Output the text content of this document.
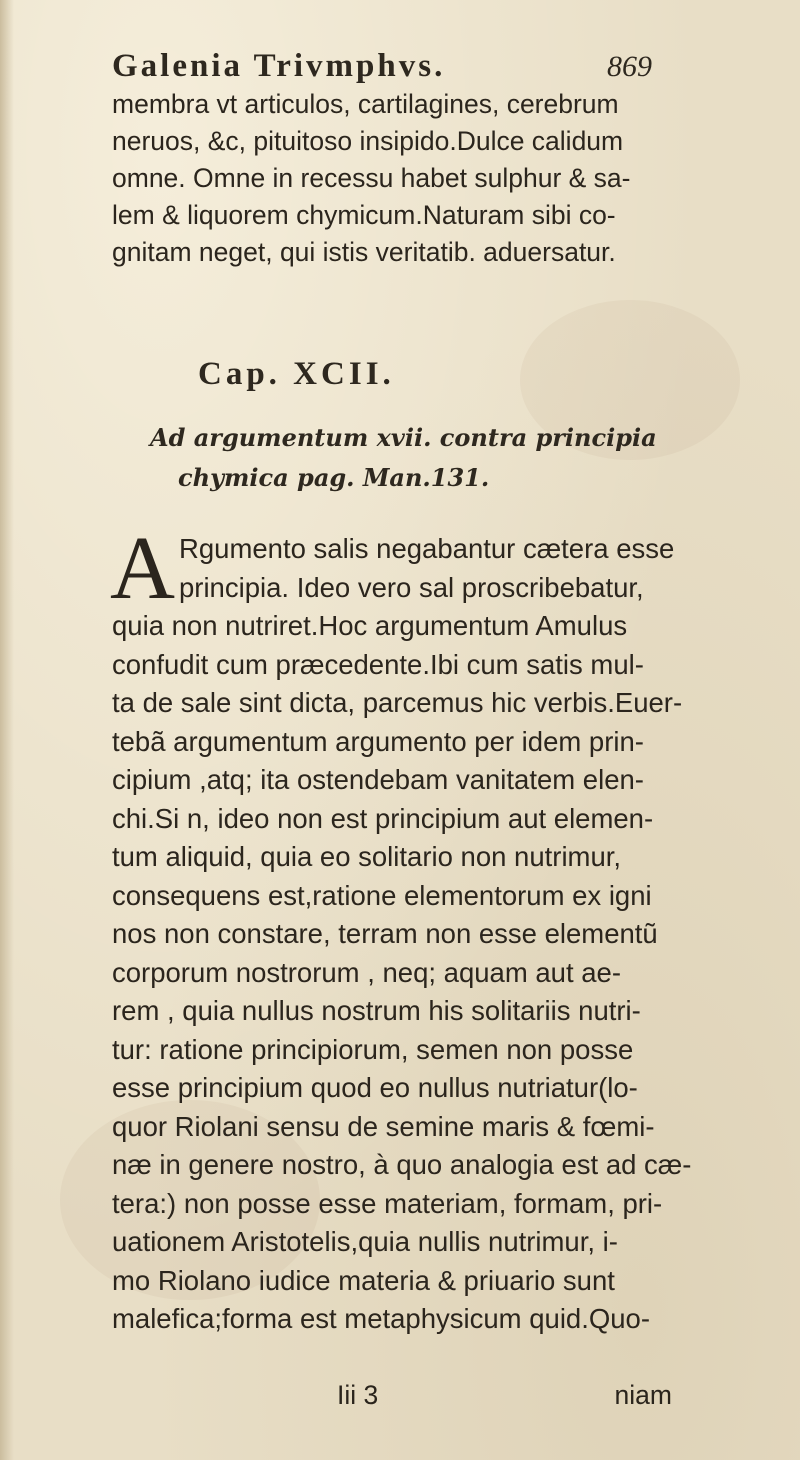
Galenia Trivmphvs.	869
membra vt articulos, cartilagines, cerebrum
neruos, &c, pituitoso insipido.Dulce calidum
omne. Omne in recessu habet sulphur & sa-
lem & liquorem chymicum.Naturam sibi co-
gnitam neget, qui istis veritatib. aduersatur.
Cap. XCII.
Ad argumentum xvii. contra principia
chymica pag. Man.131.
A Rgumento salis negabantur cætera esse
principia. Ideo vero sal proscribebatur,
quia non nutriret.Hoc argumentum Amulus
confudit cum præcedente.Ibi cum satis mul-
ta de sale sint dicta, parcemus hic verbis.Euer-
tebã argumentum argumento per idem prin-
cipium ,atq; ita ostendebam vanitatem elen-
chi.Si n, ideo non est principium aut elemen-
tum aliquid, quia eo solitario non nutrimur,
consequens est,ratione elementorum ex igni
nos non constare, terram non esse elementũ
corporum nostrorum , neq; aquam aut ae-
rem , quia nullus nostrum his solitariis nutri-
tur: ratione principiorum, semen non posse
esse principium quod eo nullus nutriatur(lo-
quor Riolani sensu de semine maris & fœmi-
næ in genere nostro, à quo analogia est ad cæ-
tera:) non posse esse materiam, formam, pri-
uationem Aristotelis,quia nullis nutrimur, i-
mo Riolano iudice materia & priuario sunt
malefica;forma est metaphysicum quid.Quo-
Iii 3	niam
